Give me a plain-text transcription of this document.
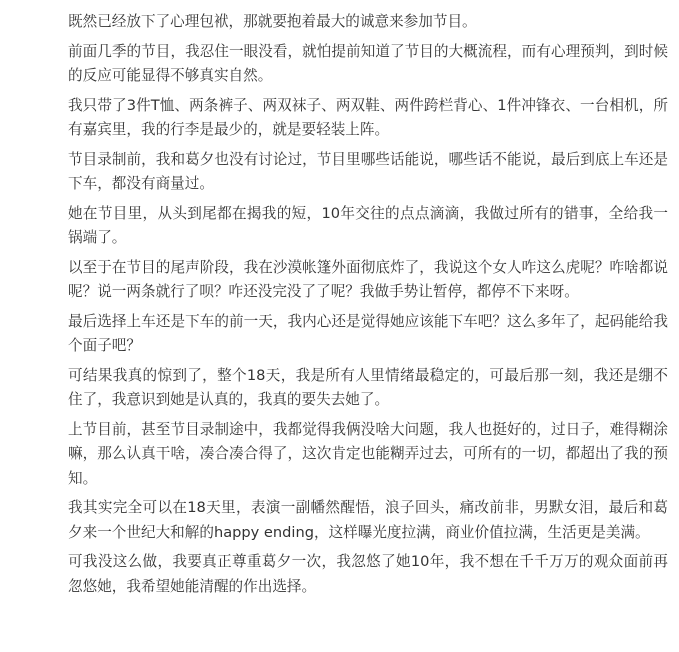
既然已经放下了心理包袱，那就要抱着最大的诚意来参加节目。

前面几季的节目，我忍住一眼没看，就怕提前知道了节目的大概流程，而有心理预判，到时候的反应可能显得不够真实自然。

我只带了3件T恤、两条裤子、两双袜子、两双鞋、两件跨栏背心、1件冲锋衣、一台相机，所有嘉宾里，我的行李是最少的，就是要轻装上阵。

节目录制前，我和葛夕也没有讨论过，节目里哪些话能说，哪些话不能说，最后到底上车还是下车，都没有商量过。

她在节目里，从头到尾都在揭我的短，10年交往的点点滴滴，我做过所有的错事，全给我一锅端了。

以至于在节目的尾声阶段，我在沙漠帐篷外面彻底炸了，我说这个女人咋这么虎呢？咋啥都说呢？说一两条就行了呗？咋还没完没了了呢？我做手势让暂停，都停不下来呀。

最后选择上车还是下车的前一天，我内心还是觉得她应该能下车吧？这么多年了，起码能给我个面子吧？

可结果我真的惊到了，整个18天，我是所有人里情绪最稳定的，可最后那一刻，我还是绷不住了，我意识到她是认真的，我真的要失去她了。

上节目前，甚至节目录制途中，我都觉得我俩没啥大问题，我人也挺好的，过日子，难得糊涂嘛，那么认真干啥，凑合凑合得了，这次肯定也能糊弄过去，可所有的一切，都超出了我的预知。

我其实完全可以在18天里，表演一副幡然醒悟，浪子回头，痛改前非，男默女泪，最后和葛夕来一个世纪大和解的happy ending，这样曝光度拉满，商业价值拉满，生活更是美满。

可我没这么做，我要真正尊重葛夕一次，我忽悠了她10年，我不想在千千万万的观众面前再忽悠她，我希望她能清醒的作出选择。
